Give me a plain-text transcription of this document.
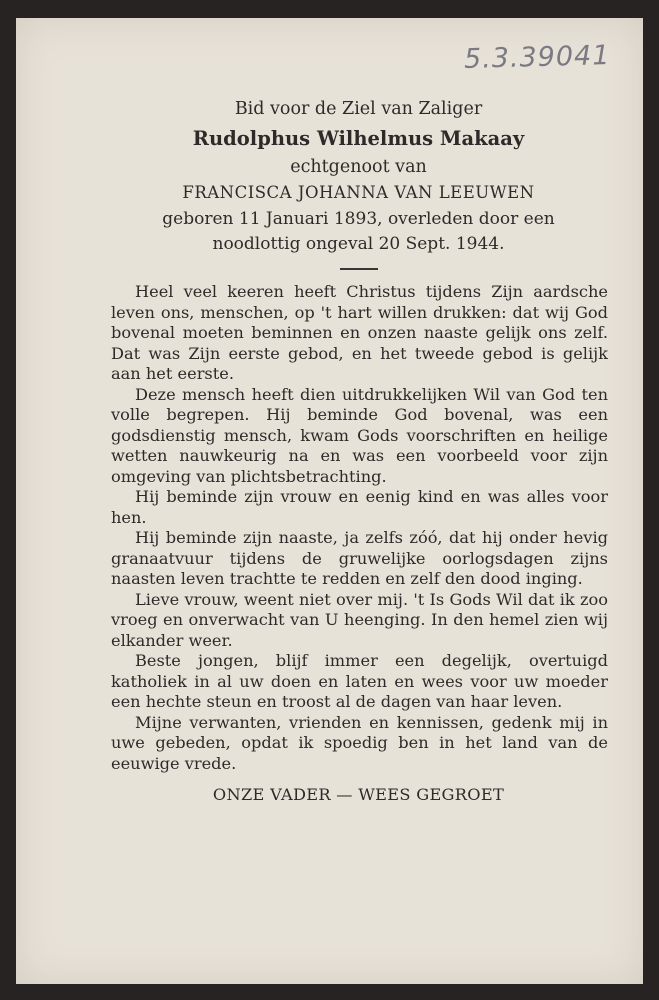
5.3.39041
Bid voor de Ziel van Zaliger
Rudolphus Wilhelmus Makaay
echtgenoot van
FRANCISCA JOHANNA VAN LEEUWEN
geboren 11 Januari 1893, overleden door een
noodlottig ongeval 20 Sept. 1944.

Heel veel keeren heeft Christus tijdens Zijn aardsche leven ons, menschen, op 't hart willen drukken: dat wij God bovenal moeten beminnen en onzen naaste gelijk ons zelf. Dat was Zijn eerste gebod, en het tweede gebod is gelijk aan het eerste.

Deze mensch heeft dien uitdrukkelijken Wil van God ten volle begrepen. Hij beminde God bovenal, was een godsdienstig mensch, kwam Gods voorschriften en heilige wetten nauwkeurig na en was een voorbeeld voor zijn omgeving van plichtsbetrachting.

Hij beminde zijn vrouw en eenig kind en was alles voor hen.

Hij beminde zijn naaste, ja zelfs zóó, dat hij onder hevig granaatvuur tijdens de gruwelijke oorlogsdagen zijns naasten leven trachtte te redden en zelf den dood inging.

Lieve vrouw, weent niet over mij. 't Is Gods Wil dat ik zoo vroeg en onverwacht van U heenging. In den hemel zien wij elkander weer.

Beste jongen, blijf immer een degelijk, overtuigd katholiek in al uw doen en laten en wees voor uw moeder een hechte steun en troost al de dagen van haar leven.

Mijne verwanten, vrienden en kennissen, gedenk mij in uwe gebeden, opdat ik spoedig ben in het land van de eeuwige vrede.

ONZE VADER — WEES GEGROET
